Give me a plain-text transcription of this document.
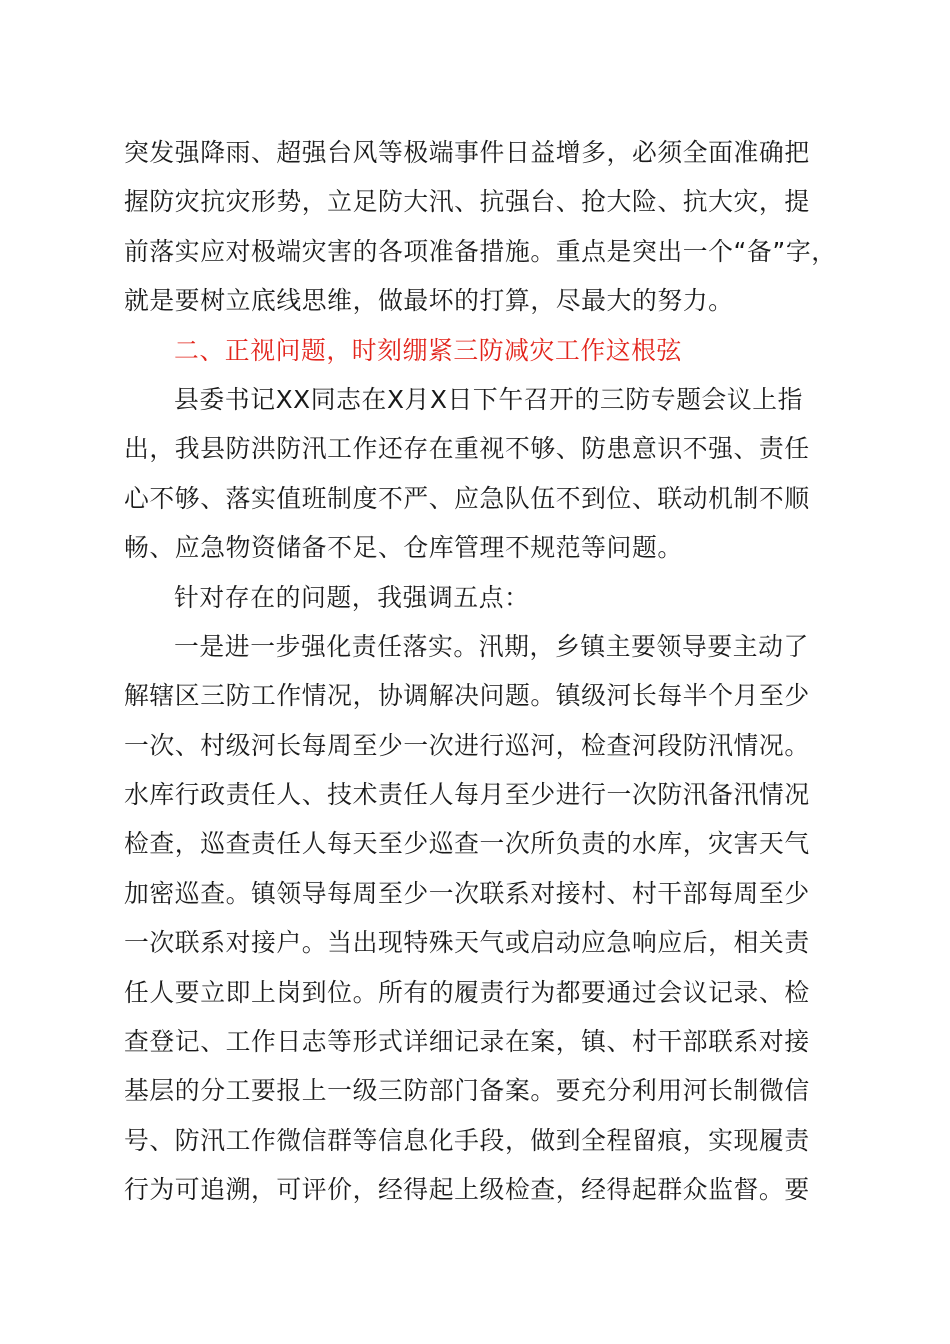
突发强降雨、超强台风等极端事件日益增多，必须全面准确把
握防灾抗灾形势，立足防大汛、抗强台、抢大险、抗大灾，提
前落实应对极端灾害的各项准备措施。重点是突出一个“备”字，
就是要树立底线思维，做最坏的打算，尽最大的努力。
二、正视问题，时刻绷紧三防减灾工作这根弦
县委书记XX同志在X月X日下午召开的三防专题会议上指
出，我县防洪防汛工作还存在重视不够、防患意识不强、责任
心不够、落实值班制度不严、应急队伍不到位、联动机制不顺
畅、应急物资储备不足、仓库管理不规范等问题。
针对存在的问题，我强调五点：
一是进一步强化责任落实。汛期，乡镇主要领导要主动了
解辖区三防工作情况，协调解决问题。镇级河长每半个月至少
一次、村级河长每周至少一次进行巡河，检查河段防汛情况。
水库行政责任人、技术责任人每月至少进行一次防汛备汛情况
检查，巡查责任人每天至少巡查一次所负责的水库，灾害天气
加密巡查。镇领导每周至少一次联系对接村、村干部每周至少
一次联系对接户。当出现特殊天气或启动应急响应后，相关责
任人要立即上岗到位。所有的履责行为都要通过会议记录、检
查登记、工作日志等形式详细记录在案，镇、村干部联系对接
基层的分工要报上一级三防部门备案。要充分利用河长制微信
号、防汛工作微信群等信息化手段，做到全程留痕，实现履责
行为可追溯，可评价，经得起上级检查，经得起群众监督。要
